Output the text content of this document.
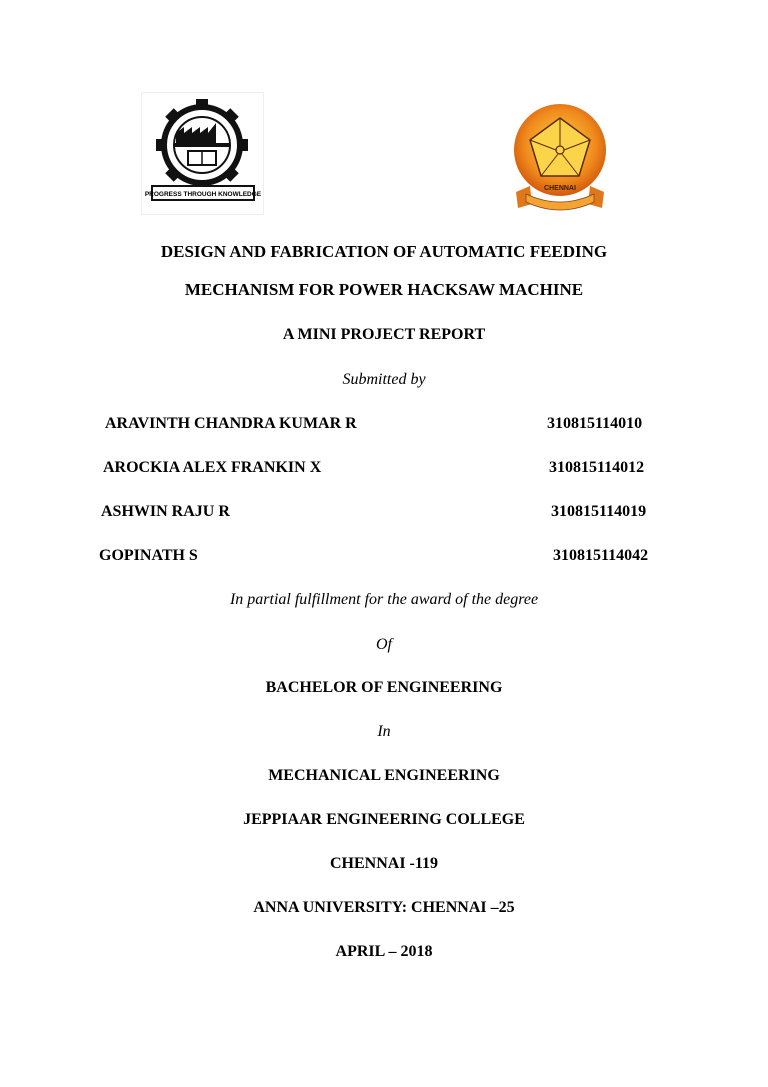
PROGRESS THROUGH KNOWLEDGE
CHENNAI
DESIGN AND FABRICATION OF AUTOMATIC FEEDING
MECHANISM FOR POWER HACKSAW MACHINE
A MINI PROJECT REPORT
Submitted by
ARAVINTH CHANDRA KUMAR R	310815114010
AROCKIA ALEX FRANKIN X	310815114012
ASHWIN RAJU R	310815114019
GOPINATH S	310815114042
In partial fulfillment for the award of the degree
Of
BACHELOR OF ENGINEERING
In
MECHANICAL ENGINEERING
JEPPIAAR ENGINEERING COLLEGE
CHENNAI -119
ANNA UNIVERSITY: CHENNAI –25
APRIL – 2018
